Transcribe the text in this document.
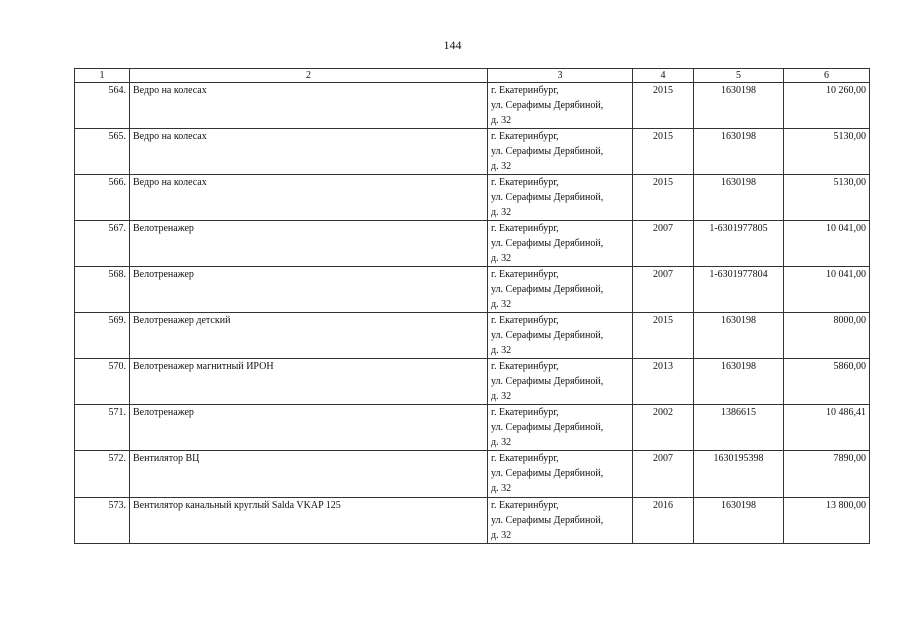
144
1	2	3	4	5	6
564.	Ведро на колесах	г. Екатеринбург,
ул. Серафимы Дерябиной,
д. 32	2015	1630198	10 260,00
565.	Ведро на колесах	г. Екатеринбург,
ул. Серафимы Дерябиной,
д. 32	2015	1630198	5130,00
566.	Ведро на колесах	г. Екатеринбург,
ул. Серафимы Дерябиной,
д. 32	2015	1630198	5130,00
567.	Велотренажер	г. Екатеринбург,
ул. Серафимы Дерябиной,
д. 32	2007	1-6301977805	10 041,00
568.	Велотренажер	г. Екатеринбург,
ул. Серафимы Дерябиной,
д. 32	2007	1-6301977804	10 041,00
569.	Велотренажер детский	г. Екатеринбург,
ул. Серафимы Дерябиной,
д. 32	2015	1630198	8000,00
570.	Велотренажер магнитный ИРОН	г. Екатеринбург,
ул. Серафимы Дерябиной,
д. 32	2013	1630198	5860,00
571.	Велотренажер	г. Екатеринбург,
ул. Серафимы Дерябиной,
д. 32	2002	1386615	10 486,41
572.	Вентилятор ВЦ	г. Екатеринбург,
ул. Серафимы Дерябиной,
д. 32	2007	1630195398	7890,00
573.	Вентилятор канальный круглый Salda VKAP 125	г. Екатеринбург,
ул. Серафимы Дерябиной,
д. 32	2016	1630198	13 800,00
